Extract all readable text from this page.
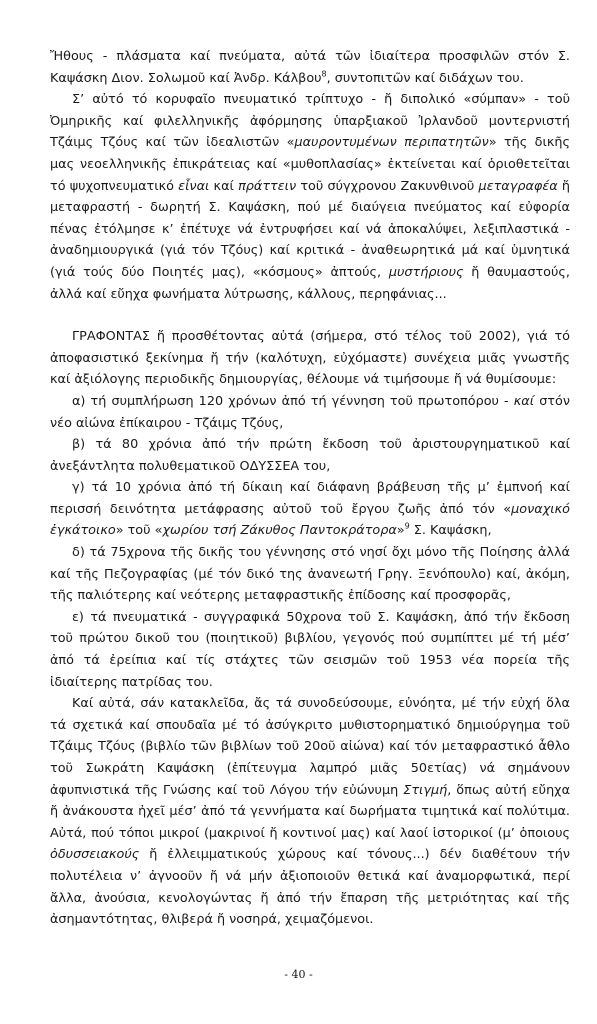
Ἤθους - πλάσματα καί πνεύματα, αὐτά τῶν ἰδιαίτερα προσφιλῶν στόν Σ. Καψάσκη Διον. Σολωμοῦ καί Ἀνδρ. Κάλβου$^8$, συντοπιτῶν καί διδάχων του.

Σ’ αὐτό τό κορυφαῖο πνευματικό τρίπτυχο - ἤ διπολικό «σύμπαν» - τοῦ Ὀμηρικῆς καί φιλελληνικῆς ἀφόρμησης ὑπαρξιακοῦ Ἰρλανδοῦ μοντερνιστή Τζάιμς Τζόυς καί τῶν ἰδεαλιστῶν «μαυροντυμένων περιπατητῶν» τῆς δικῆς μας νεοελληνικῆς ἐπικράτειας καί «μυθοπλασίας» ἐκτείνεται καί ὁριοθετεῖται τό ψυχοπνευματικό εἶναι καί πράττειν τοῦ σύγχρονου Ζακυνθινοῦ μεταγραφέα ἤ μεταφραστή - δωρητή Σ. Καψάσκη, πού μέ διαύγεια πνεύματος καί εὐφορία πένας ἐτόλμησε κ’ ἐπέτυχε νά ἐντρυφήσει καί νά ἀποκαλύψει, λεξιπλαστικά - ἀναδημιουργικά (γιά τόν Τζόυς) καί κριτικά - ἀναθεωρητικά μά καί ὑμνητικά (γιά τούς δύο Ποιητές μας), «κόσμους» ἀπτούς, μυστήριους ἤ θαυμαστούς, ἀλλά καί εὔηχα φωνήματα λύτρωσης, κάλλους, περηφάνιας...

ΓΡΑΦΟΝΤΑΣ ἤ προσθέτοντας αὐτά (σήμερα, στό τέλος τοῦ 2002), γιά τό ἀποφασιστικό ξεκίνημα ἤ τήν (καλότυχη, εὐχόμαστε) συνέχεια μιᾶς γνωστῆς καί ἀξιόλογης περιοδικῆς δημιουργίας, θέλουμε νά τιμήσουμε ἤ νά θυμίσουμε:

α) τή συμπλήρωση 120 χρόνων ἀπό τή γέννηση τοῦ πρωτοπόρου - καί στόν νέο αἰώνα ἐπίκαιρου - Τζάιμς Τζόυς,

β) τά 80 χρόνια ἀπό τήν πρώτη ἔκδοση τοῦ ἀριστουργηματικοῦ καί ἀνεξάντλητα πολυθεματικοῦ ΟΔΥΣΣΕΑ του,

γ) τά 10 χρόνια ἀπό τή δίκαιη καί διάφανη βράβευση τῆς μ’ ἐμπνοή καί περισσή δεινότητα μετάφρασης αὐτοῦ τοῦ ἔργου ζωῆς ἀπό τόν «μοναχικό ἐγκάτοικο» τοῦ «χωρίου τσή Ζάκυθος Παντοκράτορα»$^9$ Σ. Καψάσκη,

δ) τά 75χρονα τῆς δικῆς του γέννησης στό νησί ὄχι μόνο τῆς Ποίησης ἀλλά καί τῆς Πεζογραφίας (μέ τόν δικό της ἀνανεωτή Γρηγ. Ξενόπουλο) καί, ἀκόμη, τῆς παλιότερης καί νεότερης μεταφραστικῆς ἐπίδοσης καί προσφορᾶς,

ε) τά πνευματικά - συγγραφικά 50χρονα τοῦ Σ. Καψάσκη, ἀπό τήν ἔκδοση τοῦ πρώτου δικοῦ του (ποιητικοῦ) βιβλίου, γεγονός πού συμπίπτει μέ τή μέσ’ ἀπό τά ἐρείπια καί τίς στάχτες τῶν σεισμῶν τοῦ 1953 νέα πορεία τῆς ἰδιαίτερης πατρίδας του.

Καί αὐτά, σάν κατακλεῖδα, ἄς τά συνοδεύσουμε, εὐνόητα, μέ τήν εὐχή ὅλα τά σχετικά καί σπουδαῖα μέ τό ἀσύγκριτο μυθιστορηματικό δημιούργημα τοῦ Τζάιμς Τζόυς (βιβλίο τῶν βιβλίων τοῦ 20οῦ αἰώνα) καί τόν μεταφραστικό ἆθλο τοῦ Σωκράτη Καψάσκη (ἐπίτευγμα λαμπρό μιᾶς 50ετίας) νά σημάνουν ἀφυπνιστικά τῆς Γνώσης καί τοῦ Λόγου τήν εὐώνυμη Στιγμή, ὅπως αὐτή εὔηχα ἤ ἀνάκουστα ἠχεῖ μέσ’ ἀπό τά γεννήματα καί δωρήματα τιμητικά καί πολύτιμα. Αὐτά, πού τόποι μικροί (μακρινοί ἤ κοντινοί μας) καί λαοί ἱστορικοί (μ’ ὁποιους ὀδυσσειακούς ἤ ἐλλειμματικούς χώρους καί τόνους...) δέν διαθέτουν τήν πολυτέλεια ν’ ἀγνοοῦν ἤ νά μήν ἀξιοποιοῦν θετικά καί ἀναμορφωτικά, περί ἄλλα, ἀνούσια, κενολογώντας ἤ ἀπό τήν ἔπαρση τῆς μετριότητας καί τῆς ἀσημαντότητας, θλιβερά ἤ νοσηρά, χειμαζόμενοι.

- 40 -
